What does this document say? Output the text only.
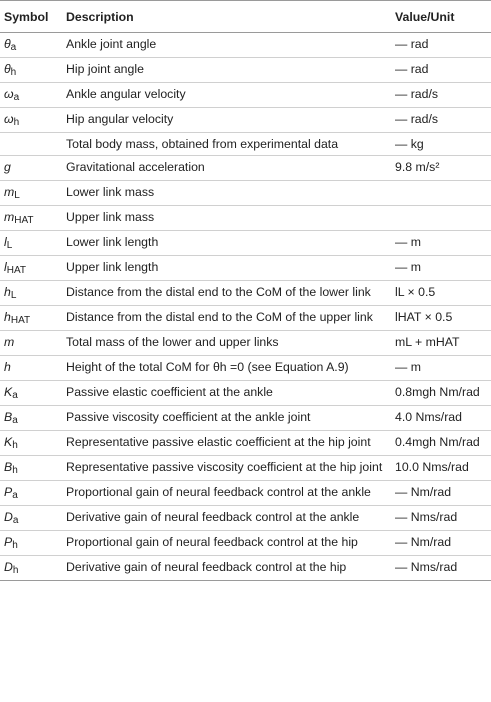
Symbol	Description	Value/Unit
θa	Ankle joint angle	— rad
θh	Hip joint angle	— rad
ωa	Ankle angular velocity	— rad/s
ωh	Hip angular velocity	— rad/s
	Total body mass, obtained from experimental data	— kg
g	Gravitational acceleration	9.8 m/s²
mL	Lower link mass	
mHAT	Upper link mass	
lL	Lower link length	— m
lHAT	Upper link length	— m
hL	Distance from the distal end to the CoM of the lower link	lL × 0.5
hHAT	Distance from the distal end to the CoM of the upper link	lHAT × 0.5
m	Total mass of the lower and upper links	mL + mHAT
h	Height of the total CoM for θh =0 (see Equation A.9)	— m
Ka	Passive elastic coefficient at the ankle	0.8mgh Nm/rad
Ba	Passive viscosity coefficient at the ankle joint	4.0 Nms/rad
Kh	Representative passive elastic coefficient at the hip joint	0.4mgh Nm/rad
Bh	Representative passive viscosity coefficient at the hip joint	10.0 Nms/rad
Pa	Proportional gain of neural feedback control at the ankle	— Nm/rad
Da	Derivative gain of neural feedback control at the ankle	— Nms/rad
Ph	Proportional gain of neural feedback control at the hip	— Nm/rad
Dh	Derivative gain of neural feedback control at the hip	— Nms/rad
